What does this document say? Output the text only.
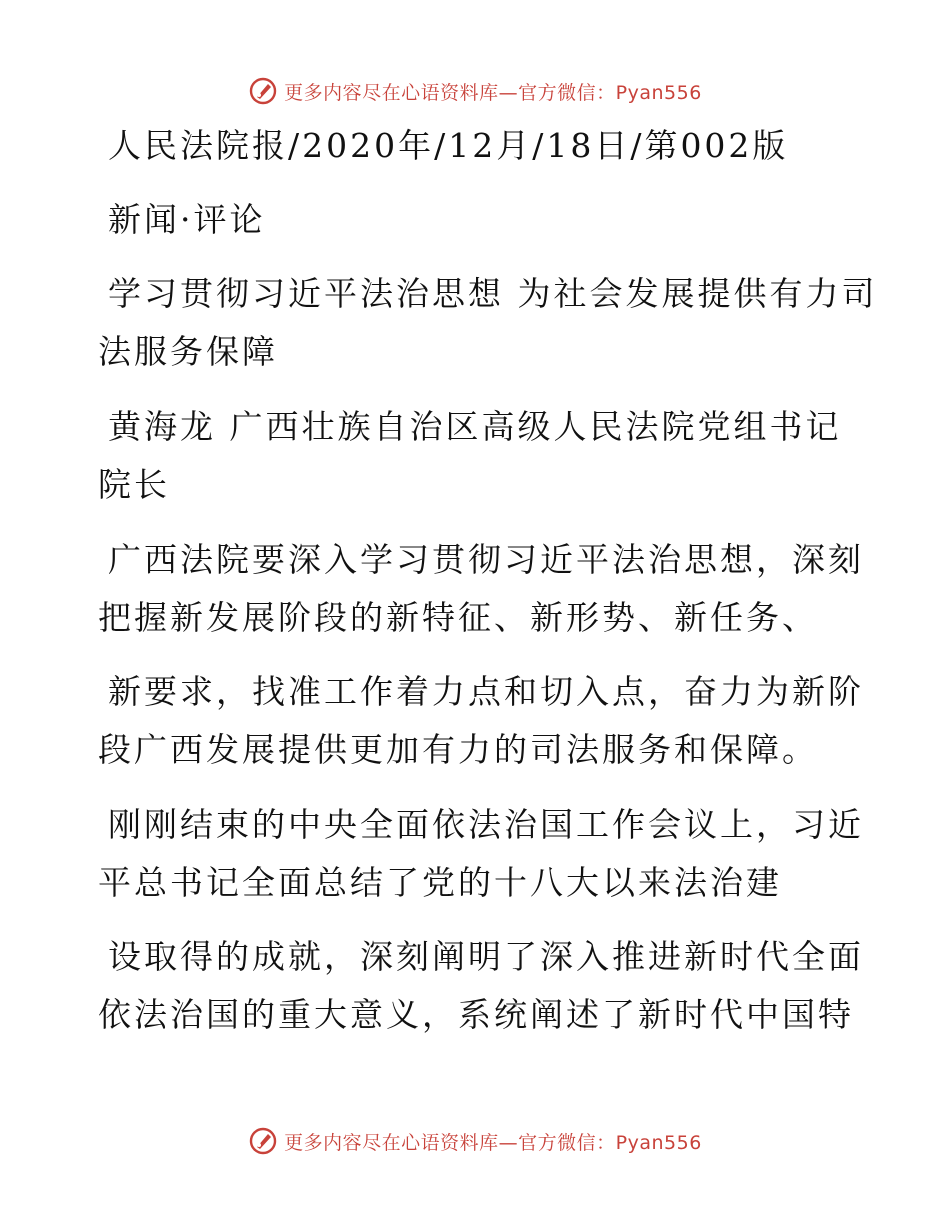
更多内容尽在心语资料库—官方微信：Pyan556
人民法院报/2020年/12月/18日/第002版
新闻·评论
学习贯彻习近平法治思想 为社会发展提供有力司
法服务保障
黄海龙 广西壮族自治区高级人民法院党组书记
院长
广西法院要深入学习贯彻习近平法治思想，深刻
把握新发展阶段的新特征、新形势、新任务、
新要求，找准工作着力点和切入点，奋力为新阶
段广西发展提供更加有力的司法服务和保障。
刚刚结束的中央全面依法治国工作会议上，习近
平总书记全面总结了党的十八大以来法治建
设取得的成就，深刻阐明了深入推进新时代全面
依法治国的重大意义，系统阐述了新时代中国特
更多内容尽在心语资料库—官方微信：Pyan556
